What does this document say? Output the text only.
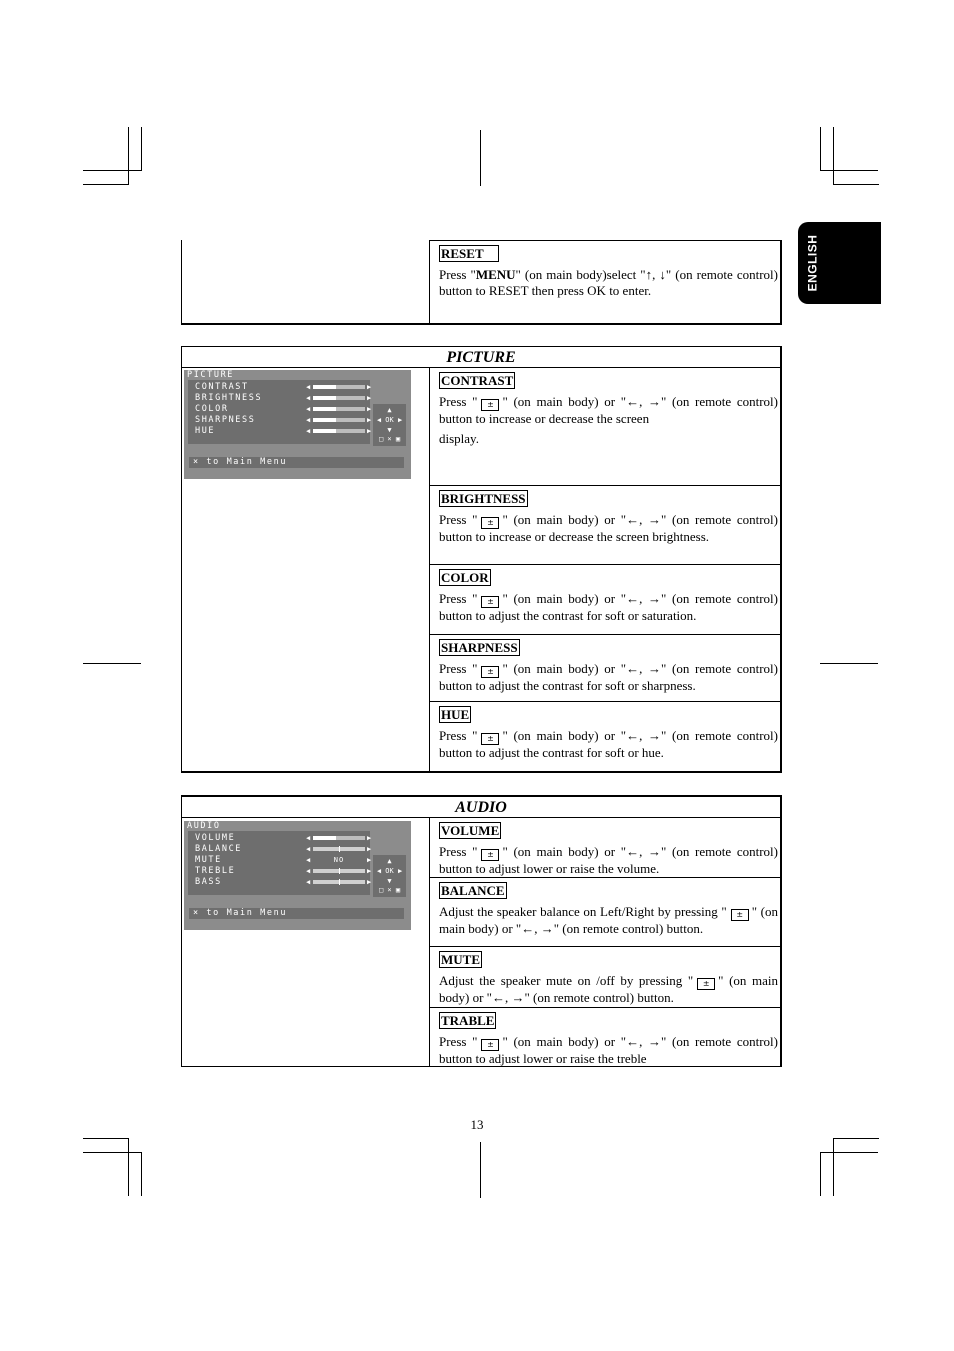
ENGLISH
RESET
Press "MENU" (on main body)select "↑, ↓" (on remote control) button to RESET then press OK to enter.
PICTURE
PICTURE
CONTRAST	◀	▶
BRIGHTNESS	◀	▶
COLOR	◀	▶
SHARPNESS	◀	▶
HUE	◀	▶
▲
◀ OK ▶
▼
□ × ▣
× to Main Menu
CONTRAST
Press " ± " (on main body) or "←, →" (on remote control) button to increase or decrease the screen
display.
BRIGHTNESS
Press " ± " (on main body) or "←, →" (on remote control) button to increase or decrease the screen brightness.
COLOR
Press " ± " (on main body) or "←, →" (on remote control) button to adjust the contrast for soft or saturation.
SHARPNESS
Press " ± " (on main body) or "←, →" (on remote control) button to adjust the contrast for soft or sharpness.
HUE
Press " ± " (on main body) or "←, →" (on remote control) button to adjust the contrast for soft or hue.
AUDIO
AUDIO
VOLUME	◀	▶
BALANCE	◀	▶
MUTE	◀	NO	▶
TREBLE	◀	▶
BASS	◀	▶
▲
◀ OK ▶
▼
□ × ▣
× to Main Menu
VOLUME
Press " ± " (on main body) or "←, →" (on remote control) button to adjust lower or raise the volume.
BALANCE
Adjust the speaker balance on Left/Right by pressing " ± " (on main body) or "←, →" (on remote control) button.
MUTE
Adjust the speaker mute on /off by pressing " ± " (on main body) or "←, →" (on remote control) button.
TRABLE
Press " ± " (on main body) or "←, →" (on remote control) button to adjust lower or raise the treble
13
